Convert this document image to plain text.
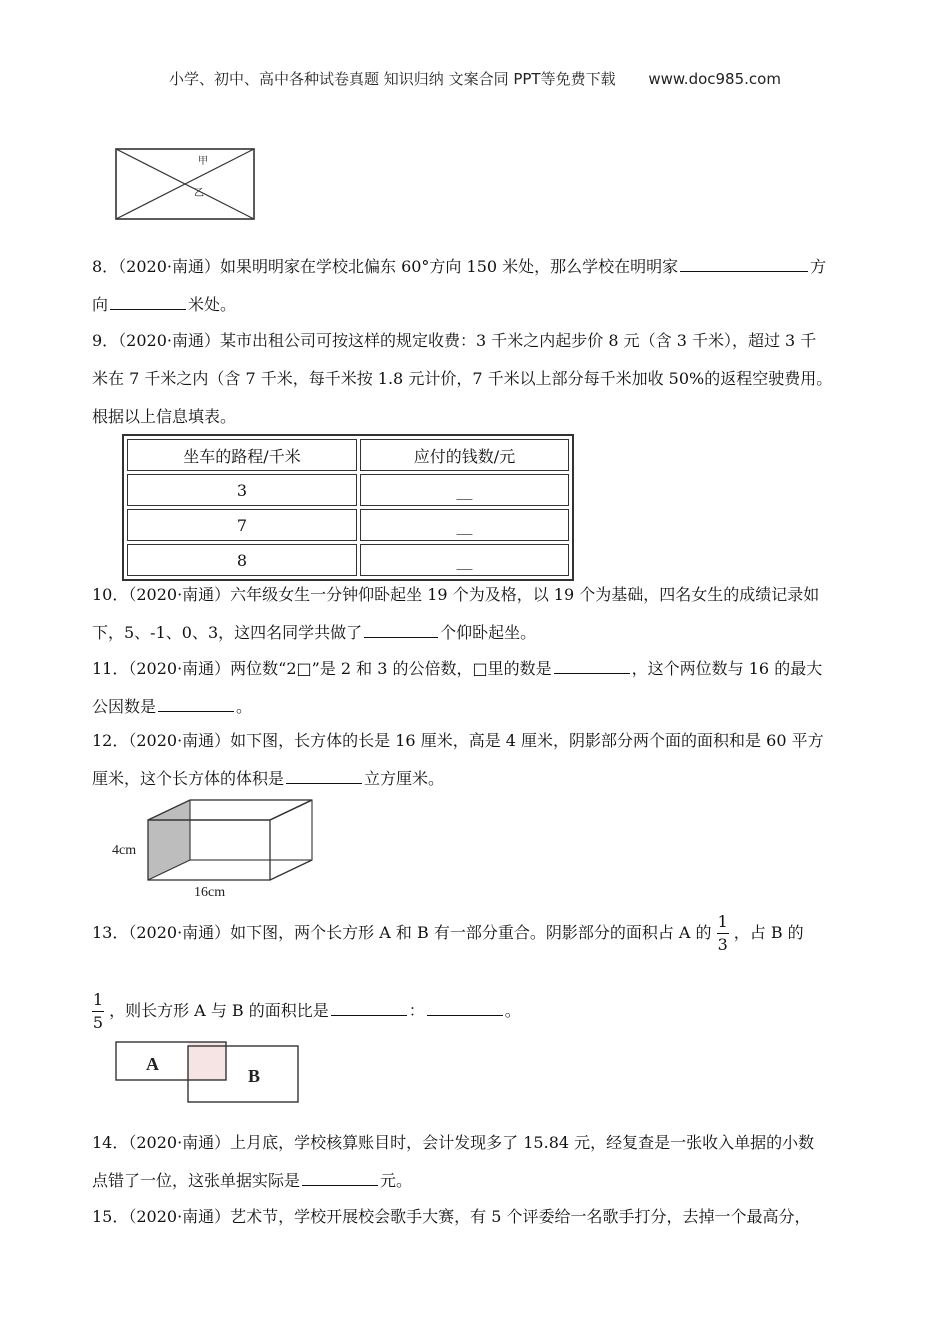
小学、初中、高中各种试卷真题 知识归纳 文案合同 PPT等免费下载 www.doc985.com
甲
乙
8．（2020·南通）如果明明家在学校北偏东 60°方向 150 米处，那么学校在明明家	方
向	米处。
9．（2020·南通）某市出租公司可按这样的规定收费：3 千米之内起步价 8 元（含 3 千米），超过 3 千
米在 7 千米之内（含 7 千米，每千米按 1.8 元计价，7 千米以上部分每千米加收 50%的返程空驶费用。
根据以上信息填表。
坐车的路程/千米	应付的钱数/元
3	__
7	__
8	__
10．（2020·南通）六年级女生一分钟仰卧起坐 19 个为及格，以 19 个为基础，四名女生的成绩记录如
下，5、-1、0、3，这四名同学共做了	个仰卧起坐。
11．（2020·南通）两位数“2□”是 2 和 3 的公倍数，□里的数是	，这个两位数与 16 的最大
公因数是	。
12．（2020·南通）如下图，长方体的长是 16 厘米，高是 4 厘米，阴影部分两个面的面积和是 60 平方
厘米，这个长方体的体积是	立方厘米。
4cm
16cm
13．（2020·南通）如下图，两个长方形 A 和 B 有一部分重合。阴影部分的面积占 A 的 $\frac{1}{3}$ ，占 B 的
$\frac{1}{5}$ ，则长方形 A 与 B 的面积比是	：	。
A
B
14．（2020·南通）上月底，学校核算账目时，会计发现多了 15.84 元，经复查是一张收入单据的小数
点错了一位，这张单据实际是	元。
15．（2020·南通）艺术节，学校开展校会歌手大赛，有 5 个评委给一名歌手打分，去掉一个最高分，
